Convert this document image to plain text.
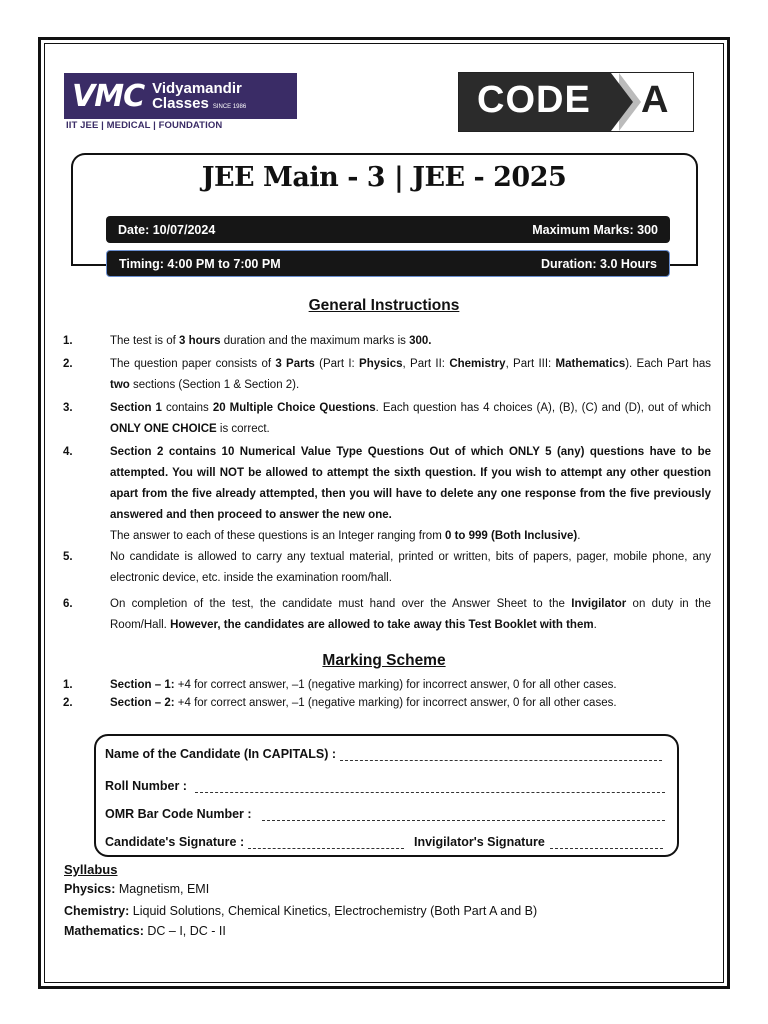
VMC Vidyamandir
Classes SINCE 1986
IIT JEE | MEDICAL | FOUNDATION
CODE A
JEE Main - 3 | JEE - 2025
Date: 10/07/2024	Maximum Marks: 300
Timing: 4:00 PM to 7:00 PM	Duration: 3.0 Hours
General Instructions
1.	The test is of 3 hours duration and the maximum marks is 300.
2.	The question paper consists of 3 Parts (Part I: Physics, Part II: Chemistry, Part III: Mathematics). Each Part has two sections (Section 1 & Section 2).
3.	Section 1 contains 20 Multiple Choice Questions. Each question has 4 choices (A), (B), (C) and (D), out of which ONLY ONE CHOICE is correct.
4.	Section 2 contains 10 Numerical Value Type Questions Out of which ONLY 5 (any) questions have to be attempted. You will NOT be allowed to attempt the sixth question. If you wish to attempt any other question apart from the five already attempted, then you will have to delete any one response from the five previously answered and then proceed to answer the new one.
The answer to each of these questions is an Integer ranging from 0 to 999 (Both Inclusive).
5.	No candidate is allowed to carry any textual material, printed or written, bits of papers, pager, mobile phone, any electronic device, etc. inside the examination room/hall.
6.	On completion of the test, the candidate must hand over the Answer Sheet to the Invigilator on duty in the Room/Hall. However, the candidates are allowed to take away this Test Booklet with them.
Marking Scheme
1.	Section – 1: +4 for correct answer, –1 (negative marking) for incorrect answer, 0 for all other cases.
2.	Section – 2: +4 for correct answer, –1 (negative marking) for incorrect answer, 0 for all other cases.
Name of the Candidate (In CAPITALS) :
Roll Number :
OMR Bar Code Number :
Candidate's Signature :	Invigilator's Signature
Syllabus
Physics: Magnetism, EMI
Chemistry: Liquid Solutions, Chemical Kinetics, Electrochemistry (Both Part A and B)
Mathematics: DC – I, DC - II
